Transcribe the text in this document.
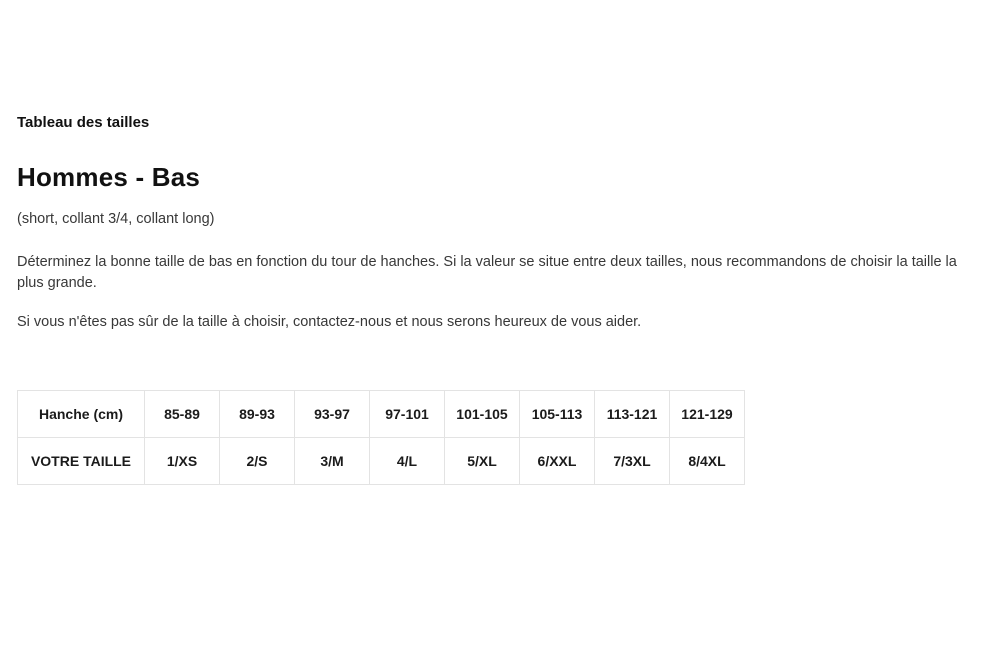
Tableau des tailles
Hommes - Bas

(short, collant 3/4, collant long)

Déterminez la bonne taille de bas en fonction du tour de hanches. Si la valeur se situe entre deux tailles, nous recommandons de choisir la taille la plus grande.

Si vous n'êtes pas sûr de la taille à choisir, contactez-nous et nous serons heureux de vous aider.

Hanche (cm)	85-89	89-93	93-97	97-101	101-105	105-113	113-121	121-129
VOTRE TAILLE	1/XS	2/S	3/M	4/L	5/XL	6/XXL	7/3XL	8/4XL
